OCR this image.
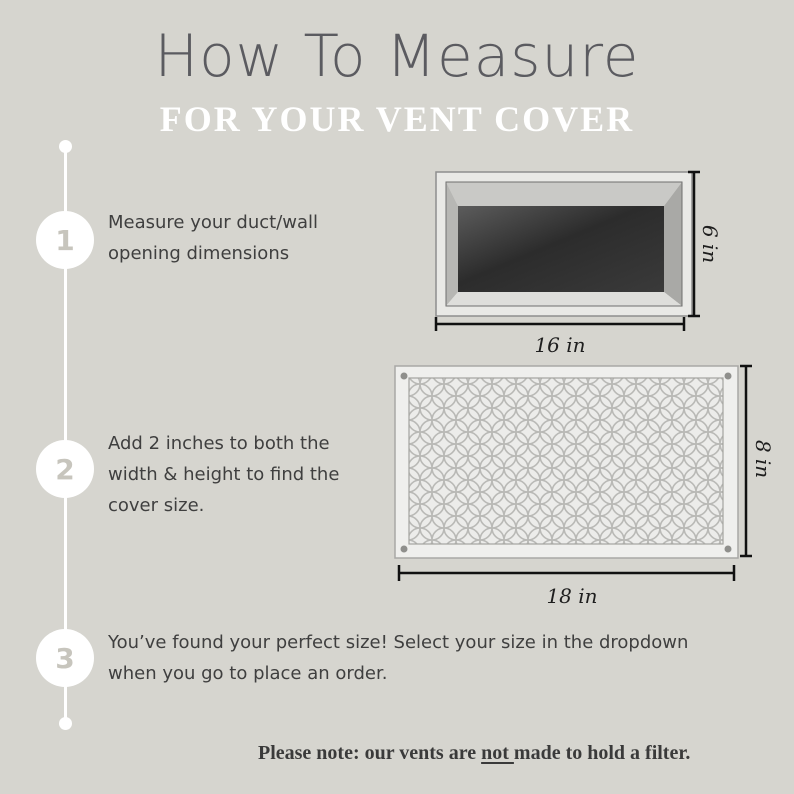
How To Measure
FOR YOUR VENT COVER
1
Measure your duct/wall
opening dimensions
2
Add 2 inches to both the
width & height to find the
cover size.
3	You’ve found your perfect size! Select your size in the dropdown
when you go to place an order.
16 in
6 in
18 in
8 in
Please note: our vents are not made to hold a filter.
